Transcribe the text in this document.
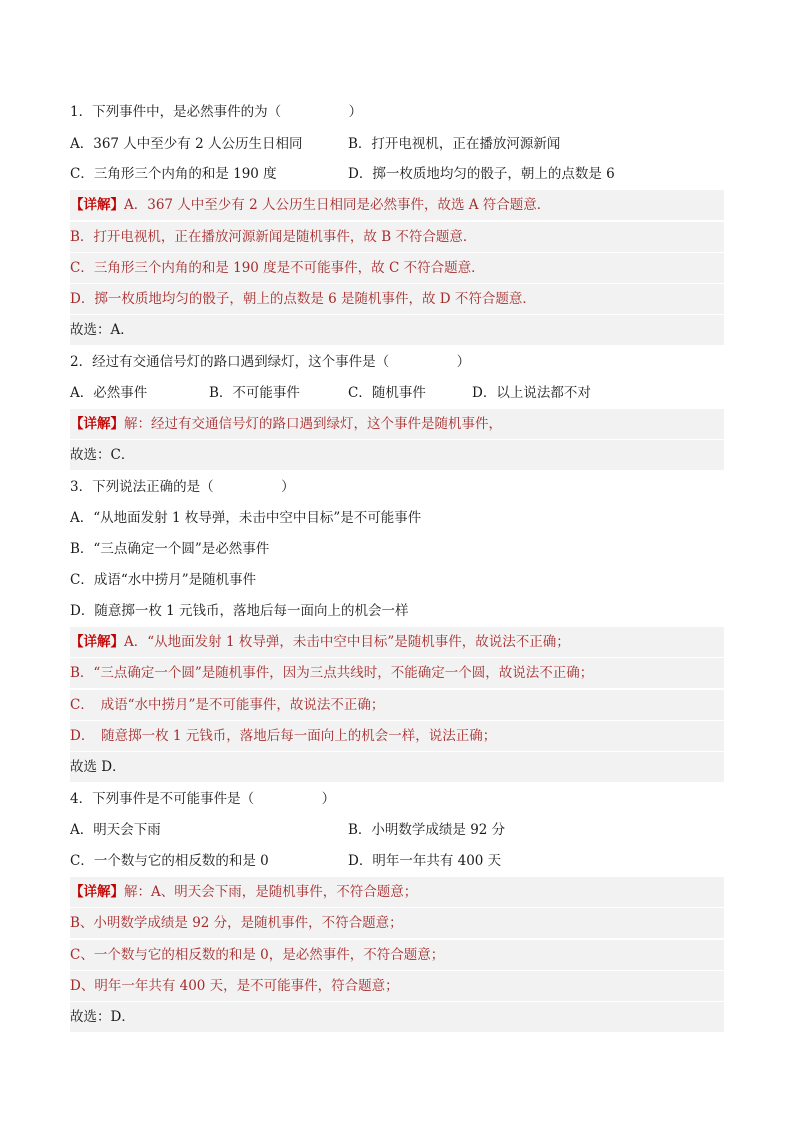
1．下列事件中，是必然事件的为（　　　　　）
A．367 人中至少有 2 人公历生日相同	B．打开电视机，正在播放河源新闻
C．三角形三个内角的和是 190 度	D．掷一枚质地均匀的骰子，朝上的点数是 6
【详解】A．367 人中至少有 2 人公历生日相同是必然事件，故选 A 符合题意．
B．打开电视机，正在播放河源新闻是随机事件，故 B 不符合题意．
C．三角形三个内角的和是 190 度是不可能事件，故 C 不符合题意．
D．掷一枚质地均匀的骰子，朝上的点数是 6 是随机事件，故 D 不符合题意．
故选：A．
2．经过有交通信号灯的路口遇到绿灯，这个事件是（　　　　　）
A．必然事件	B．不可能事件	C．随机事件	D．以上说法都不对
【详解】解：经过有交通信号灯的路口遇到绿灯，这个事件是随机事件，
故选：C．
3．下列说法正确的是（　　　　　）
A．“从地面发射 1 枚导弹，未击中空中目标”是不可能事件
B．“三点确定一个圆”是必然事件
C．成语“水中捞月”是随机事件
D．随意掷一枚 1 元钱币，落地后每一面向上的机会一样
【详解】A．“从地面发射 1 枚导弹，未击中空中目标”是随机事件，故说法不正确；
B．“三点确定一个圆”是随机事件，因为三点共线时，不能确定一个圆，故说法不正确；
C．　成语“水中捞月”是不可能事件，故说法不正确；
D．　随意掷一枚 1 元钱币，落地后每一面向上的机会一样，说法正确；
故选 D．
4．下列事件是不可能事件是（　　　　　）
A．明天会下雨	B．小明数学成绩是 92 分
C．一个数与它的相反数的和是 0	D．明年一年共有 400 天
【详解】解：A、明天会下雨，是随机事件，不符合题意；
B、小明数学成绩是 92 分，是随机事件，不符合题意；
C、一个数与它的相反数的和是 0，是必然事件，不符合题意；
D、明年一年共有 400 天，是不可能事件，符合题意；
故选：D．
